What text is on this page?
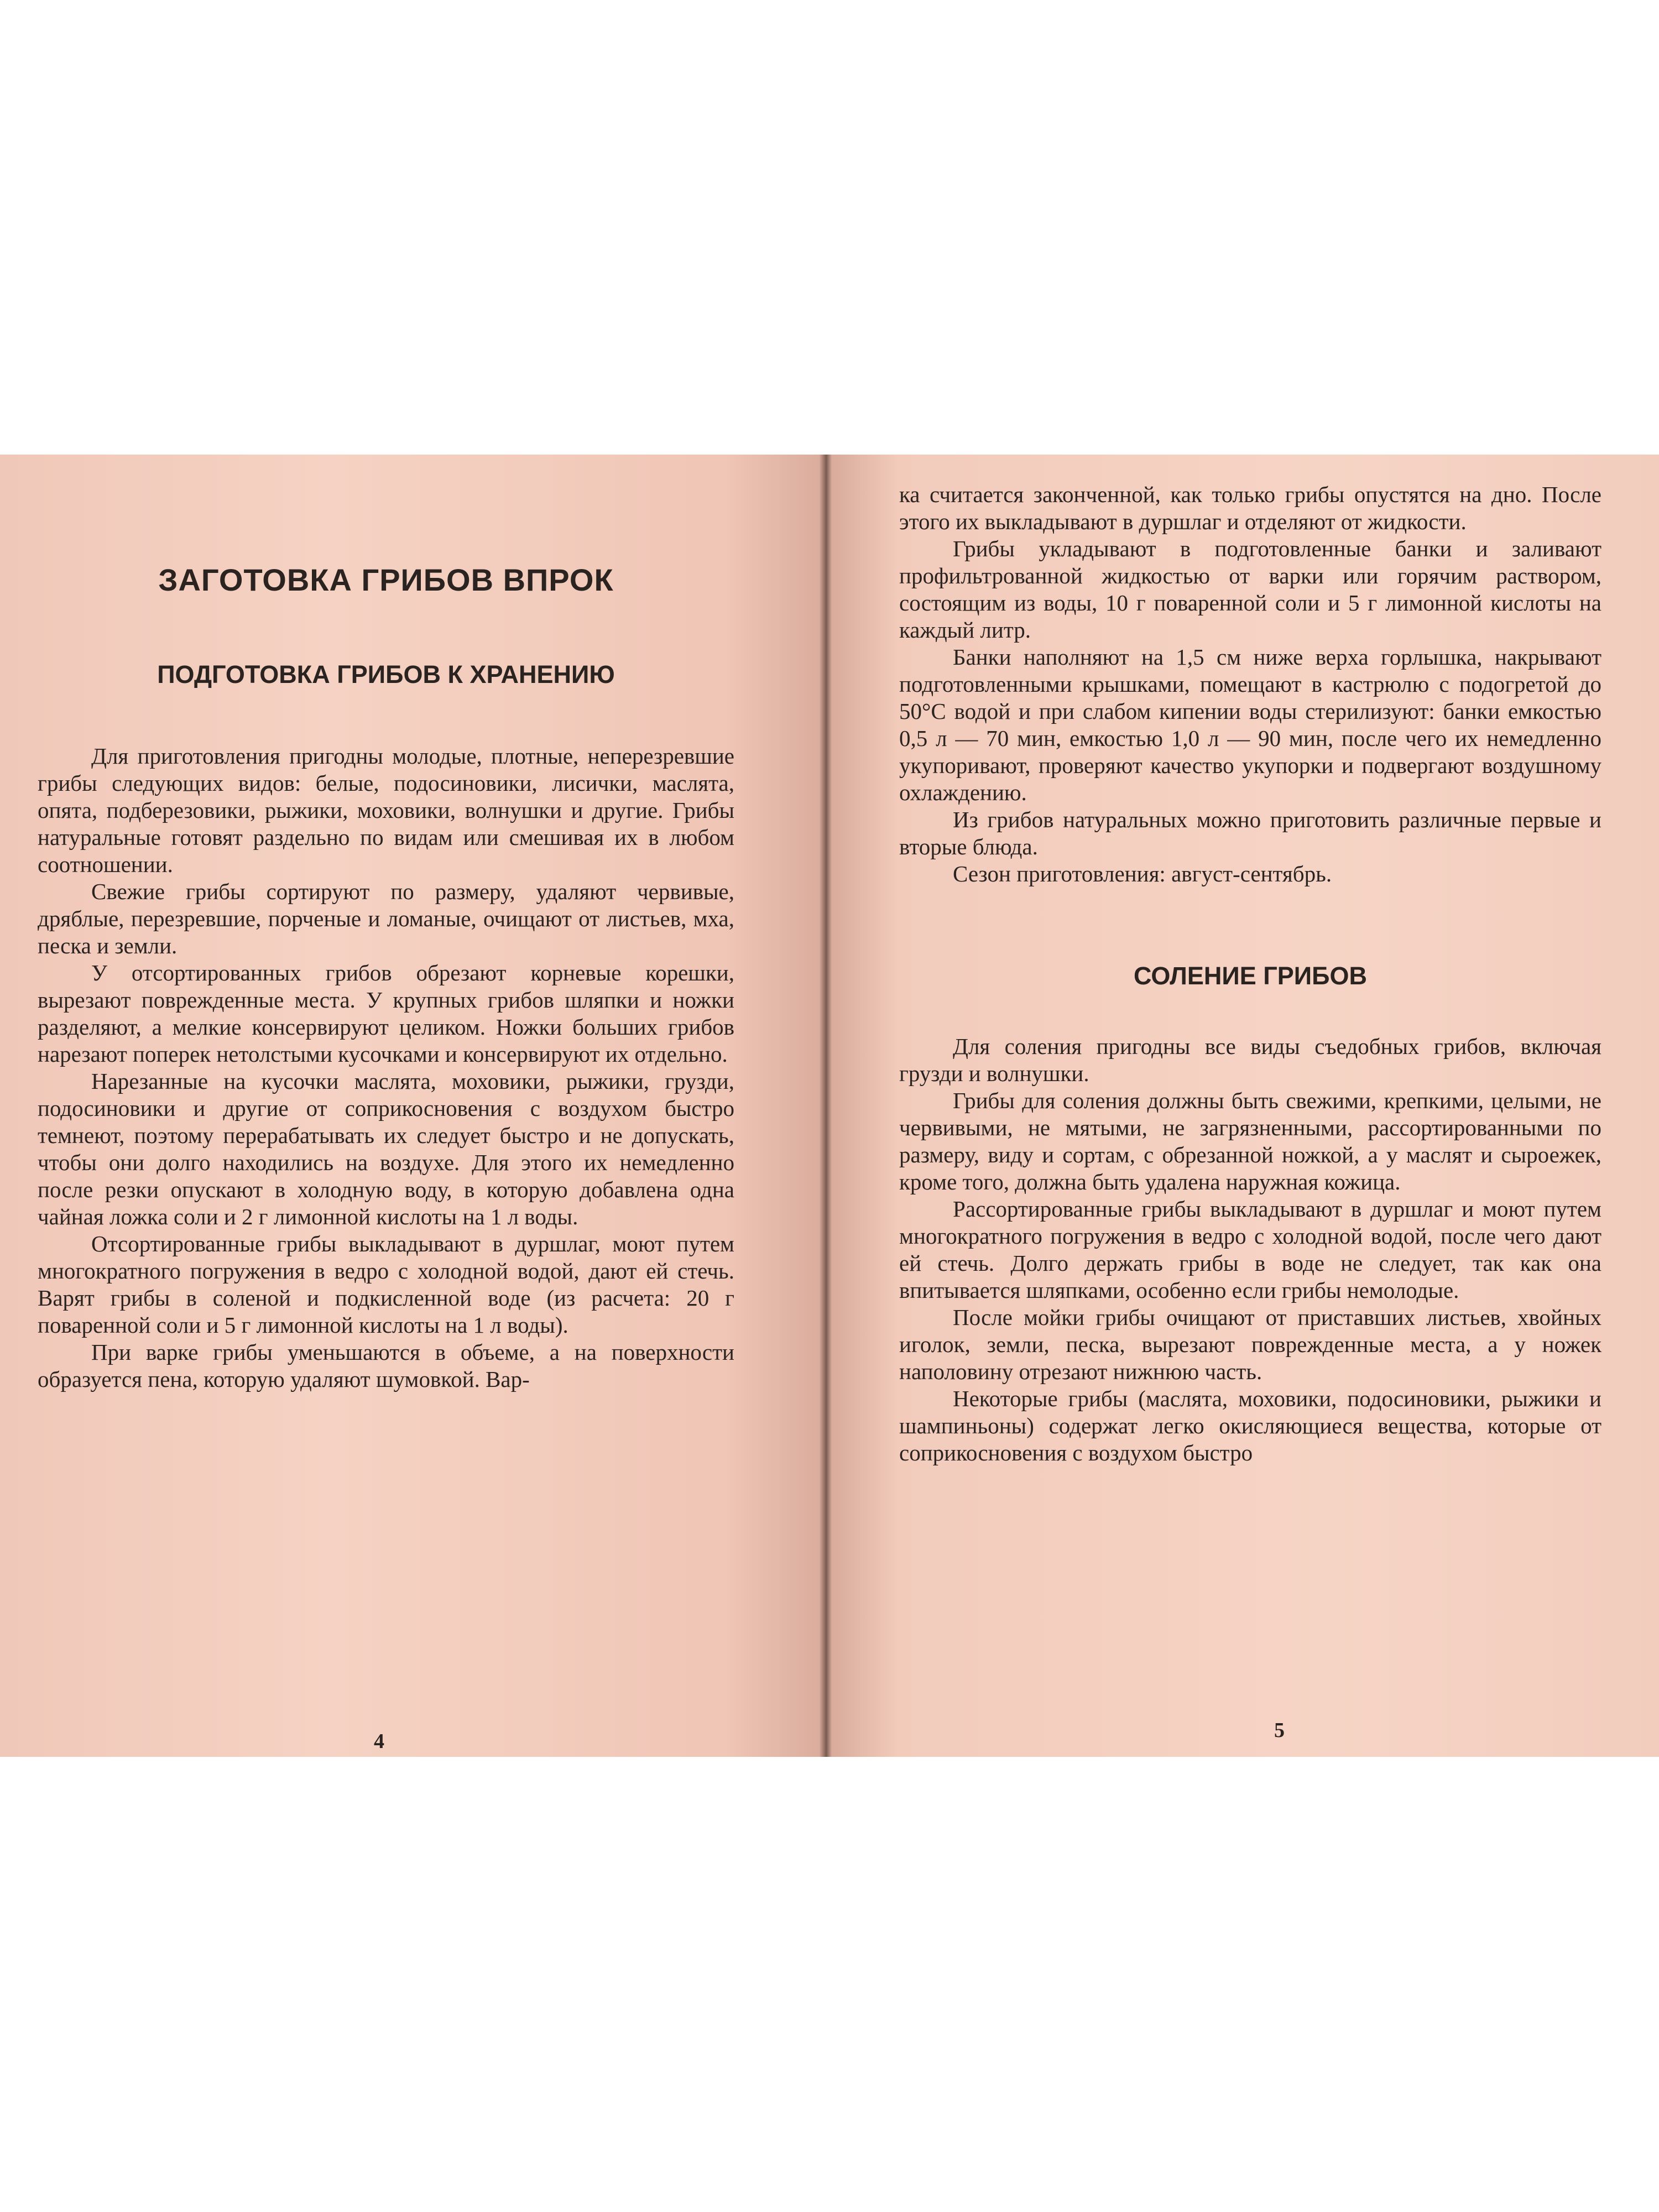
ЗАГОТОВКА ГРИБОВ ВПРОК
ПОДГОТОВКА ГРИБОВ К ХРАНЕНИЮ

Для приготовления пригодны молодые, плотные, неперезревшие грибы следующих видов: белые, подосиновики, лисички, маслята, опята, подберезовики, рыжики, моховики, волнушки и другие. Грибы натуральные готовят раздельно по видам или смешивая их в любом соотношении.

Свежие грибы сортируют по размеру, удаляют червивые, дряблые, перезревшие, порченые и ломаные, очищают от листьев, мха, песка и земли.

У отсортированных грибов обрезают корневые корешки, вырезают поврежденные места. У крупных грибов шляпки и ножки разделяют, а мелкие консервируют целиком. Ножки больших грибов нарезают поперек нетолстыми кусочками и консервируют их отдельно.

Нарезанные на кусочки маслята, моховики, рыжики, грузди, подосиновики и другие от соприкосновения с воздухом быстро темнеют, поэтому перерабатывать их следует быстро и не допускать, чтобы они долго находились на воздухе. Для этого их немедленно после резки опускают в холодную воду, в которую добавлена одна чайная ложка соли и 2 г лимонной кислоты на 1 л воды.

Отсортированные грибы выкладывают в дуршлаг, моют путем многократного погружения в ведро с холодной водой, дают ей стечь. Варят грибы в соленой и подкисленной воде (из расчета: 20 г поваренной соли и 5 г лимонной кислоты на 1 л воды).

При варке грибы уменьшаются в объеме, а на поверхности образуется пена, которую удаляют шумовкой. Вар-

4

ка считается законченной, как только грибы опустятся на дно. После этого их выкладывают в дуршлаг и отделяют от жидкости.

Грибы укладывают в подготовленные банки и заливают профильтрованной жидкостью от варки или горячим раствором, состоящим из воды, 10 г поваренной соли и 5 г лимонной кислоты на каждый литр.

Банки наполняют на 1,5 см ниже верха горлышка, накрывают подготовленными крышками, помещают в кастрюлю с подогретой до 50°С водой и при слабом кипении воды стерилизуют: банки емкостью 0,5 л — 70 мин, емкостью 1,0 л — 90 мин, после чего их немедленно укупоривают, проверяют качество укупорки и подвергают воздушному охлаждению.

Из грибов натуральных можно приготовить различные первые и вторые блюда.

Сезон приготовления: август-сентябрь.

СОЛЕНИЕ ГРИБОВ

Для соления пригодны все виды съедобных грибов, включая грузди и волнушки.

Грибы для соления должны быть свежими, крепкими, целыми, не червивыми, не мятыми, не загрязненными, рассортированными по размеру, виду и сортам, с обрезанной ножкой, а у маслят и сыроежек, кроме того, должна быть удалена наружная кожица.

Рассортированные грибы выкладывают в дуршлаг и моют путем многократного погружения в ведро с холодной водой, после чего дают ей стечь. Долго держать грибы в воде не следует, так как она впитывается шляпками, особенно если грибы немолодые.

После мойки грибы очищают от приставших листьев, хвойных иголок, земли, песка, вырезают поврежденные места, а у ножек наполовину отрезают нижнюю часть.

Некоторые грибы (маслята, моховики, подосиновики, рыжики и шампиньоны) содержат легко окисляющиеся вещества, которые от соприкосновения с воздухом быстро

5
